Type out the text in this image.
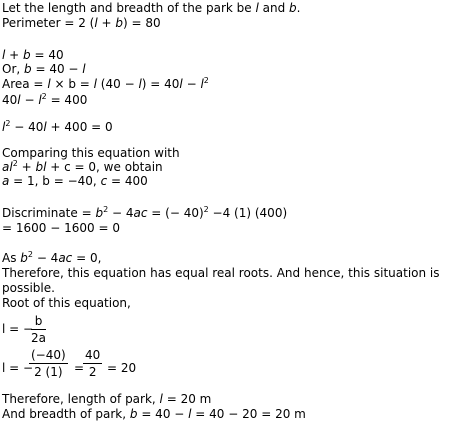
Let the length and breadth of the park be l and b.
Perimeter = 2 (l + b) = 80
l + b = 40
Or, b = 40 − l
Area = l × b = l $(40 - l) = 40l - l^2$
$40l - l^2 = 400$
$l^2 - 40l + 400 = 0$
Comparing this equation with
$al^2$ + bl + c = 0, we obtain
a = 1, b = −40, c = 400
Discriminate = $b^2 - 4ac$ = (− 40)$^2$ −4 (1) (400)
= 1600 − 1600 = 0
As $b^2 - 4ac = 0$,
Therefore, this equation has equal real roots. And hence, this situation is
possible.
Root of this equation,
l = −
$\frac{b}{2a}$
l = −
$\frac{(-40)}{2 (1)}$ =
$\frac{40}{2} = 20$
Therefore, length of park, l = 20 m
And breadth of park, b = 40 − l = 40 − 20 = 20 m
